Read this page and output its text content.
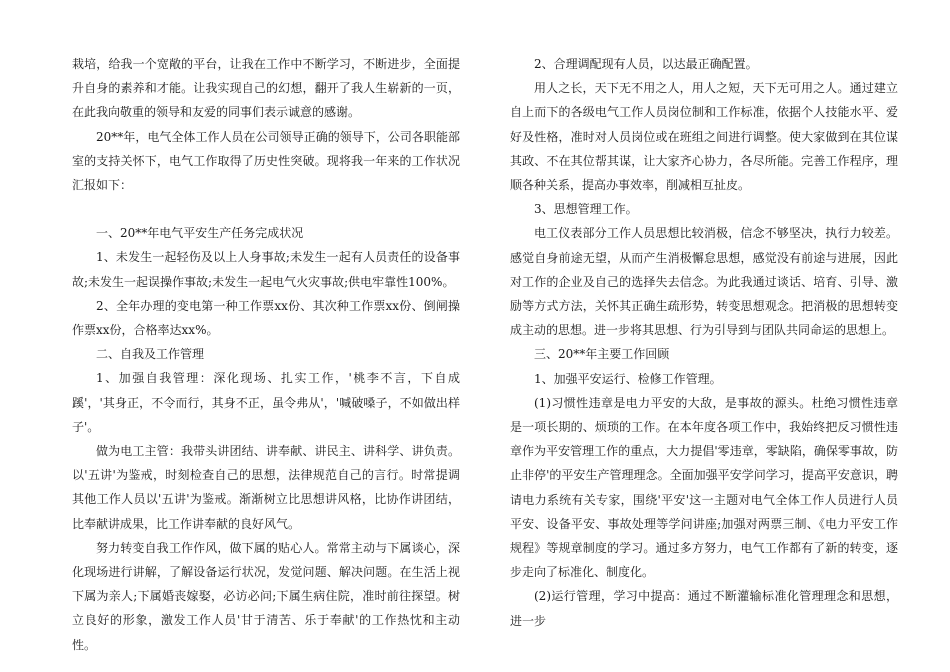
栽培，给我一个宽敞的平台，让我在工作中不断学习，不断进步，全面提升自身的素养和才能。让我实现自己的幻想，翻开了我人生崭新的一页，在此我向敬重的领导和友爱的同事们表示诚意的感谢。

20**年，电气全体工作人员在公司领导正确的领导下，公司各职能部室的支持关怀下，电气工作取得了历史性突破。现将我一年来的工作状况汇报如下：

一、20**年电气平安生产任务完成状况

1、未发生一起轻伤及以上人身事故;未发生一起有人员责任的设备事故;未发生一起误操作事故;未发生一起电气火灾事故;供电牢靠性100%。

2、全年办理的变电第一种工作票xx份、其次种工作票xx份、倒闸操作票xx份，合格率达xx%。

二、自我及工作管理

1、加强自我管理：深化现场、扎实工作，'桃李不言，下自成蹊'，'其身正，不令而行，其身不正，虽令弗从'，'喊破嗓子，不如做出样子'。

做为电工主管：我带头讲团结、讲奉献、讲民主、讲科学、讲负责。以'五讲'为鉴戒，时刻检查自己的思想，法律规范自己的言行。时常提调其他工作人员以'五讲'为鉴戒。渐渐树立比思想讲风格，比协作讲团结，比奉献讲成果，比工作讲奉献的良好风气。

努力转变自我工作作风，做下属的贴心人。常常主动与下属谈心，深化现场进行讲解，了解设备运行状况，发觉问题、解决问题。在生活上视下属为亲人;下属婚丧嫁娶，必访必问;下属生病住院，准时前往探望。树立良好的形象，激发工作人员'甘于清苦、乐于奉献'的工作热忱和主动性。

2、合理调配现有人员，以达最正确配置。

用人之长，天下无不用之人，用人之短，天下无可用之人。通过建立自上而下的各级电气工作人员岗位制和工作标准，依据个人技能水平、爱好及性格，准时对人员岗位或在班组之间进行调整。使大家做到在其位谋其政、不在其位帮其谋，让大家齐心协力，各尽所能。完善工作程序，理顺各种关系，提高办事效率，削减相互扯皮。

3、思想管理工作。

电工仪表部分工作人员思想比较消极，信念不够坚决，执行力较差。感觉自身前途无望，从而产生消极懈怠思想，感觉没有前途与进展，因此对工作的企业及自己的选择失去信念。为此我通过谈话、培育、引导、激励等方式方法，关怀其正确生疏形势，转变思想观念。把消极的思想转变成主动的思想。进一步将其思想、行为引导到与团队共同命运的思想上。

三、20**年主要工作回顾

1、加强平安运行、检修工作管理。

(1)习惯性违章是电力平安的大敌，是事故的源头。杜绝习惯性违章是一项长期的、烦琐的工作。在本年度各项工作中，我始终把反习惯性违章作为平安管理工作的重点，大力提倡'零违章，零缺陷，确保零事故，防止非停'的平安生产管理理念。全面加强平安学问学习，提高平安意识，聘请电力系统有关专家，围绕'平安'这一主题对电气全体工作人员进行人员平安、设备平安、事故处理等学问讲座;加强对两票三制、《电力平安工作规程》等规章制度的学习。通过多方努力，电气工作都有了新的转变，逐步走向了标准化、制度化。

(2)运行管理，学习中提高：通过不断灌输标准化管理理念和思想，进一步
